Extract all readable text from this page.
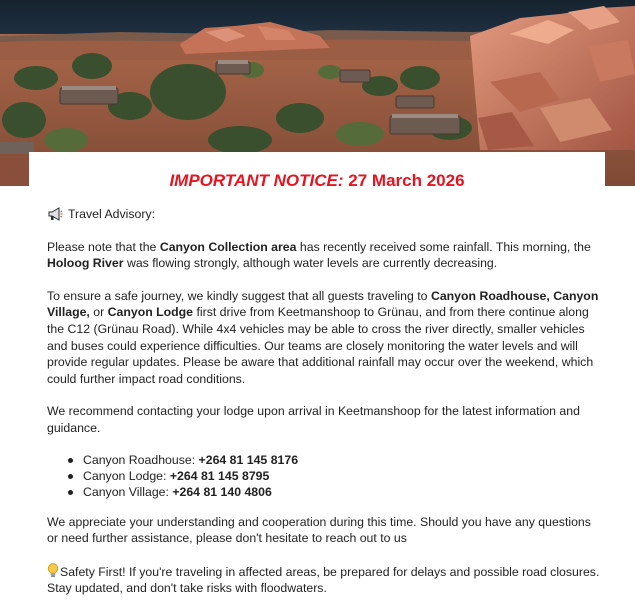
IMPORTANT NOTICE: 27 March 2026

Travel Advisory:

Please note that the Canyon Collection area has recently received some rainfall. This morning, the Holoog River was flowing strongly, although water levels are currently decreasing.

To ensure a safe journey, we kindly suggest that all guests traveling to Canyon Roadhouse, Canyon Village, or Canyon Lodge first drive from Keetmanshoop to Grünau, and from there continue along the C12 (Grünau Road). While 4x4 vehicles may be able to cross the river directly, smaller vehicles and buses could experience difficulties. Our teams are closely monitoring the water levels and will provide regular updates. Please be aware that additional rainfall may occur over the weekend, which could further impact road conditions.

We recommend contacting your lodge upon arrival in Keetmanshoop for the latest information and guidance.

Canyon Roadhouse: +264 81 145 8176
Canyon Lodge: +264 81 145 8795
Canyon Village: +264 81 140 4806

We appreciate your understanding and cooperation during this time. Should you have any questions or need further assistance, please don't hesitate to reach out to us

Safety First! If you're traveling in affected areas, be prepared for delays and possible road closures. Stay updated, and don't take risks with floodwaters.
